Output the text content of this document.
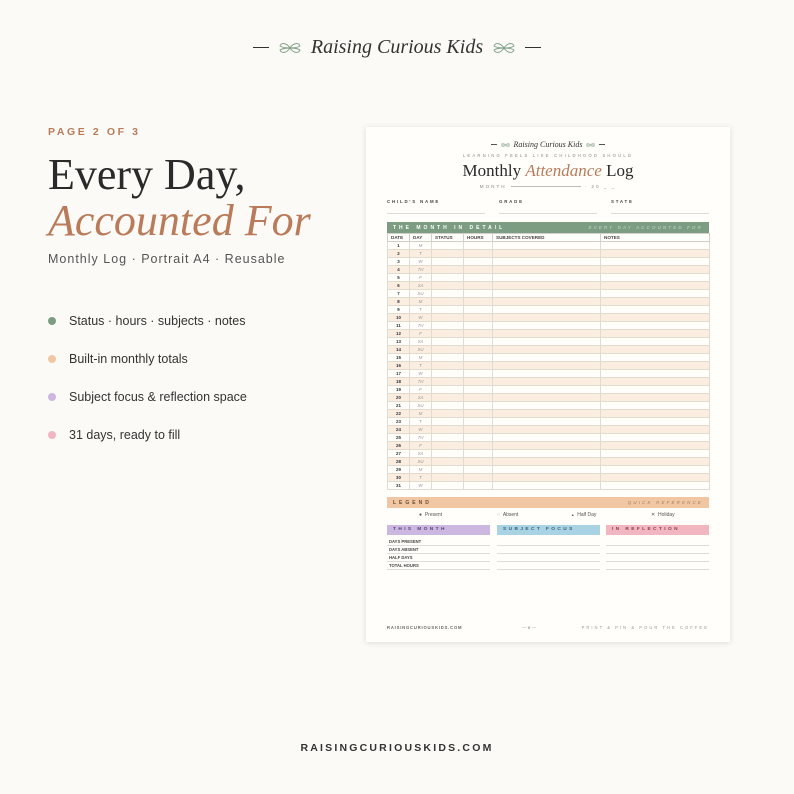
Raising Curious Kids
PAGE 2 OF 3
Every Day,
Accounted For
Monthly Log · Portrait A4 · Reusable
Status · hours · subjects · notes
Built-in monthly totals
Subject focus & reflection space
31 days, ready to fill
Raising Curious Kids
LEARNING FEELS LIKE CHILDHOOD SHOULD
Monthly Attendance Log
MONTH	· 20 _ _
CHILD'S NAME	GRADE	STATE
THE MONTH IN DETAIL	EVERY DAY ACCOUNTED FOR
DATE	DAY	STATUS	HOURS	SUBJECTS COVERED	NOTES
1	M				
2	T				
3	W				
4	TH				
5	F				
6	SA				
7	SU				
8	M				
9	T				
10	W				
11	TH				
12	F				
13	SA				
14	SU				
15	M				
16	T				
17	W				
18	TH				
19	F				
20	SA				
21	SU				
22	M				
23	T				
24	W				
25	TH				
26	F				
27	SA				
28	SU				
29	M				
30	T				
31	W				
LEGEND	QUICK REFERENCE
● Present	○ Absent	▲ Half Day	✕ Holiday
THIS MONTH	SUBJECT FOCUS	IN REFLECTION
DAYS PRESENT
DAYS ABSENT
HALF DAYS
TOTAL HOURS
RAISINGCURIOUSKIDS.COM	— ❦ —	PRINT & PIN & POUR THE COFFEE
RAISINGCURIOUSKIDS.COM
